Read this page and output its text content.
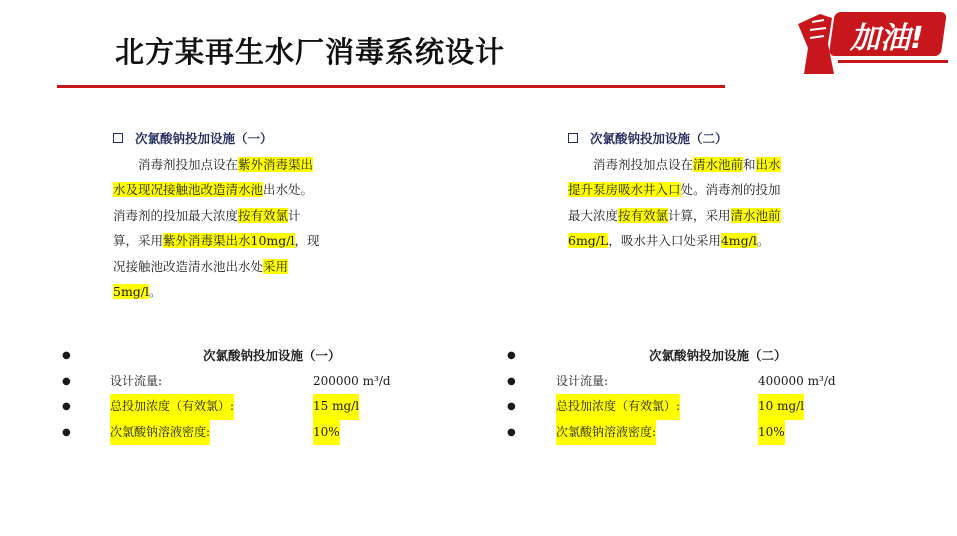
北方某再生水厂消毒系统设计	加油!
次氯酸钠投加设施（一）
消毒剂投加点设在紫外消毒渠出
水及现况接触池改造清水池出水处。
消毒剂的投加最大浓度按有效氯计
算，采用紫外消毒渠出水10mg/l，现
况接触池改造清水池出水处采用
5mg/l。
次氯酸钠投加设施（二）
消毒剂投加点设在清水池前和出水
提升泵房吸水井入口处。消毒剂的投加
最大浓度按有效氯计算，采用清水池前
6mg/L，吸水井入口处采用4mg/l。
●	次氯酸钠投加设施（一）
●	设计流量:	200000 m³/d
●	总投加浓度（有效氯）:	15 mg/l
●	次氯酸钠溶液密度:	10%
●	次氯酸钠投加设施（二）
●	设计流量:	400000 m³/d
●	总投加浓度（有效氯）:	10 mg/l
●	次氯酸钠溶液密度:	10%
